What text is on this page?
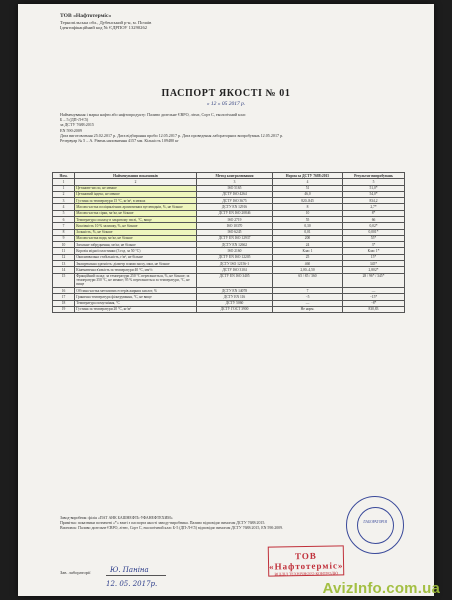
ТОВ «Нафтотерміс»
Тернопільська обл., Дубенський р-н, м. Почаїв
Ідентифікаційний код № ЄДРПОУ 13290262
ПАСПОРТ ЯКОСТІ № 01
« 12 » 05 2017 р.
Найменування і марка нафти або нафтопродукту: Паливо дизельне ЄВРО, літнє, Сорт С, екологічний клас
Б – 5 (ДП-Л-Є5)
за ДСТУ 7688:2015
EN 590:2009
Дата виготовлення 25.02.2017 р. Дата відбирання проби 12.05.2017 р. Дата проведення лабораторних випробувань 12.05.2017 р.
Резервуар № 5 – А. Рівень наповнення 4157 мм. Кількість 109480 кг
Ном.	Найменування показників	Метод контролювання	Норма за ДСТУ 7688:2015	Результат випробувань
1	2	3	4	5
1	Цетанове число, не менше	ISO 5165	51	51,0*
2	Цетановий індекс, не менше	ДСТУ ISO 4264	46,0	54,0*
3	Густина за температури 15 °С, кг/м³, в межах	ДСТУ ISO 3675	820–845	834,2
4	Масова частка поліциклічних ароматичних вуглеводнів, %, не більше	ДСТУ EN 12916	8	2,7*
5	Масова частка сірки, мг/кг, не більше	ДСТУ EN ISO 20846	10	8*
6	Температура спалаху в закритому тиглі, °С, вище	ISO 2719	55	66
7	Коксівність 10 % залишку, %, не більше	ISO 10370	0,30	0,02*
8	Зольність, %, не більше	ISO 6245	0,01	0,001*
9	Масова частка води, мг/кг, не більше	ДСТУ EN ISO 12937	200	55*
10	Загальне забруднення, мг/кг, не більше	ДСТУ EN 12662	24	3*
11	Корозія мідної пластинки (3 год. за 50 °С)	ISO 2160	Клас 1	Клас 1*
12	Окиснювальна стабільність, г/м³, не більше	ДСТУ EN ISO 12205	25	15*
13	Змащувальна здатність: діаметр плями зносу, мкм, не більше	ДСТУ ISO 12156-1	460	345*
14	Кінематична в'язкість за температури 40 °С, мм²/с	ДСТУ ISO 3104	2,00–4,50	2,802*
15	Фракційний склад: за температури 250 °С переганяється, %, не більше; за температури 350 °С, не менше; 95 % переганяється за температури, °С, не вище	ДСТУ EN ISO 3405	65 / 85 / 360	28 / 96* / 345*
16	Об'ємна частка метилових естерів жирних кислот, %	ДСТУ EN 14078	7	—
17	Гранична температура фільтрування, °С, не вище	ДСТУ EN 116	−5	−15*
18	Температура помутніння, °С	ДСТУ 5060	—	−8*
19	Густина за температури 20 °С, кг/м³	ДСТУ ГОСТ 3900	Не норм.	830,83
Завод-виробник: філія «ПАТ АНК БАШНЕФТЬ-УФАНЕФТЕХИМ»
Примітка: показники позначені «*» взяті з паспорта якості заводу-виробника. Паливо відповідає вимогам ДСТУ 7688:2015.
Висновок: Паливо дизельне ЄВРО, літнє, Сорт С, екологічний клас Б-5 (ДП-Л-Є5) відповідає вимогам ДСТУ 7688:2015, EN 590:2009.
Зав. лабораторії	Ю. Паніна
12. 05. 2017р.
ТОВ «Нафтотерміс»
ВІДДІЛ ТЕХНІЧНОГО КОНТРОЛЮ
ЛАБОРАТОРІЯ
AvizInfo.com.ua
